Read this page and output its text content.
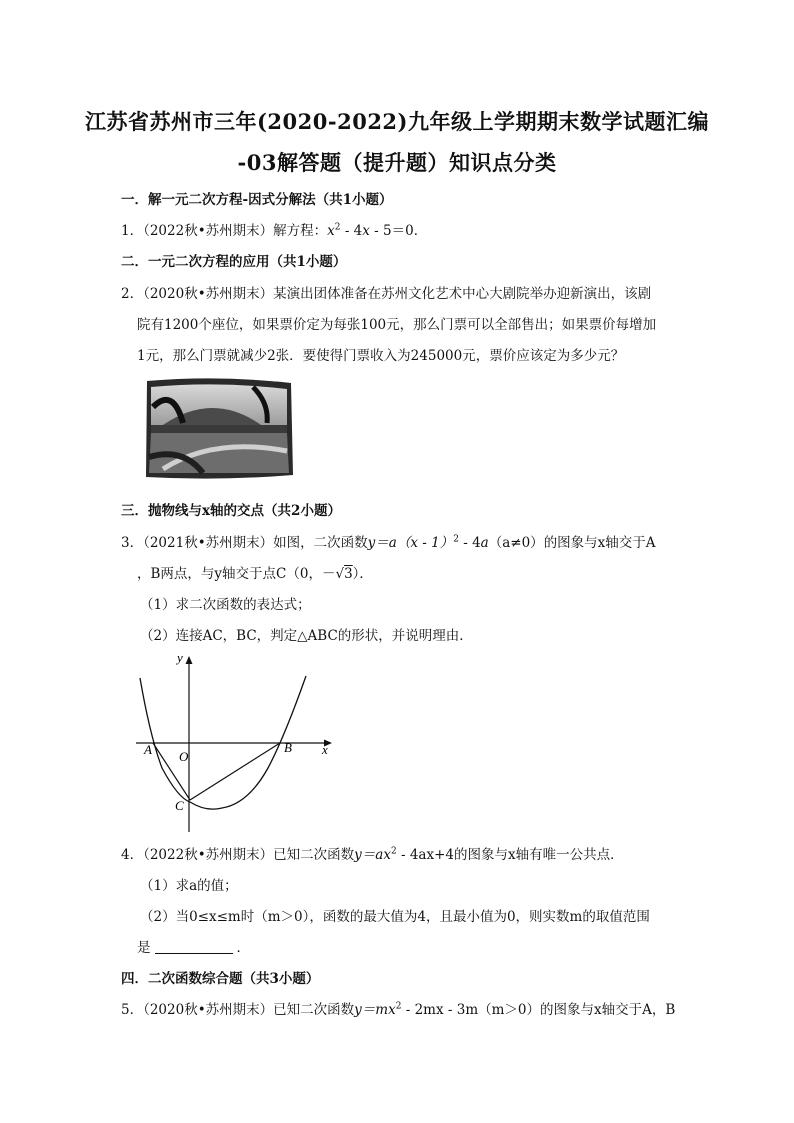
江苏省苏州市三年(2020-2022)九年级上学期期末数学试题汇编
-03解答题（提升题）知识点分类
一．解一元二次方程-因式分解法（共1小题）
1．（2022秋•苏州期末）解方程：$x^2 - 4x - 5=0$．
二．一元二次方程的应用（共1小题）
2．（2020秋•苏州期末）某演出团体准备在苏州文化艺术中心大剧院举办迎新演出，该剧
院有1200个座位，如果票价定为每张100元，那么门票可以全部售出；如果票价每增加
1元，那么门票就减少2张．要使得门票收入为245000元，票价应该定为多少元？
三．抛物线与x轴的交点（共2小题）
3．（2021秋•苏州期末）如图，二次函数y＝a（x - 1）$^2$ - 4a（a≠0）的图象与x轴交于A
，B两点，与y轴交于点C（0，－√3）．
（1）求二次函数的表达式；
（2）连接AC，BC，判定△ABC的形状，并说明理由．
y
x
A O
B
C
4．（2022秋•苏州期末）已知二次函数$y=ax^2 - 4ax+4$的图象与x轴有唯一公共点．
（1）求a的值；
（2）当0≤x≤m时（m＞0），函数的最大值为4，且最小值为0，则实数m的取值范围
是	．
四．二次函数综合题（共3小题）
5．（2020秋•苏州期末）已知二次函数$y=mx^2 - 2mx - 3m(m>0)$的图象与x轴交于A，B
